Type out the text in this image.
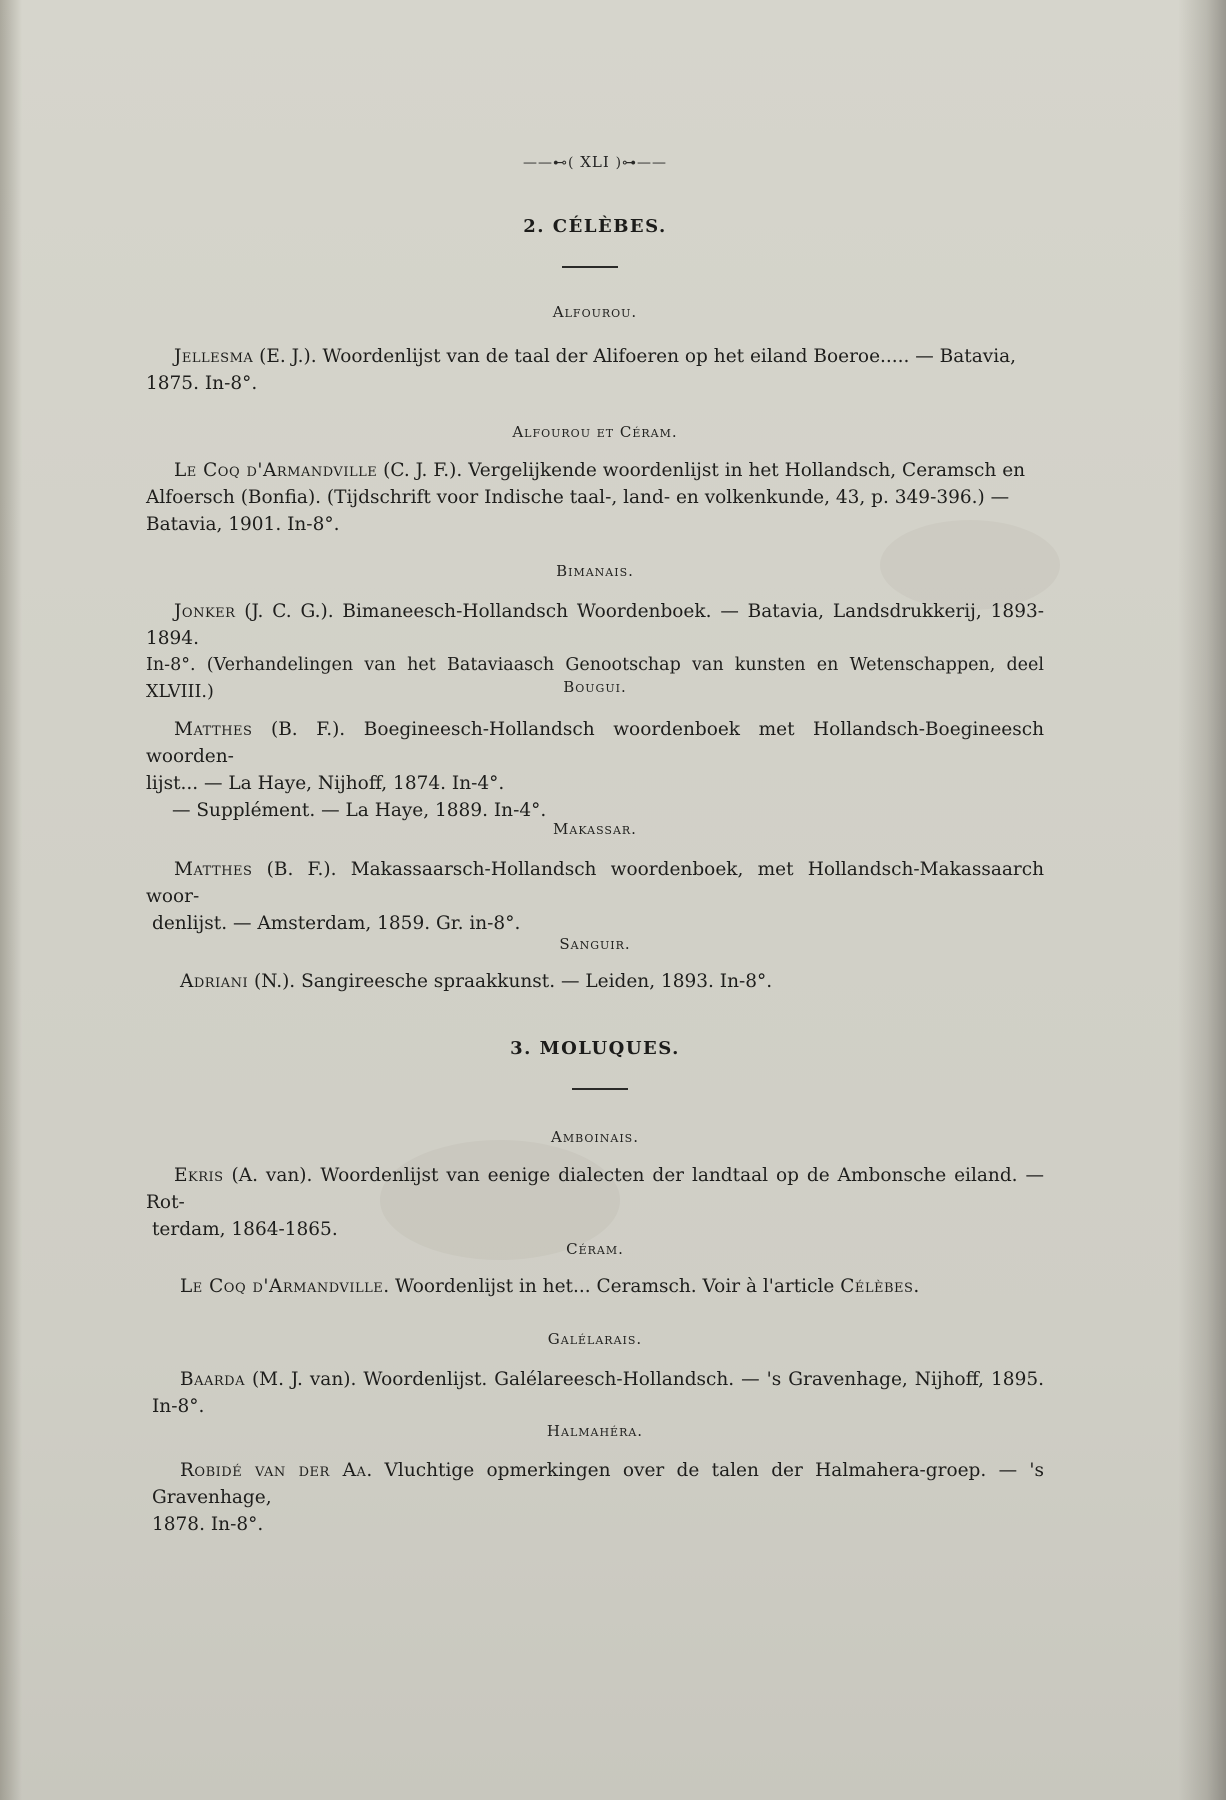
——⊷( XLI )⊶——
2. CÉLÈBES.
Alfourou.

Jellesma (E. J.). Woordenlijst van de taal der Alifoeren op het eiland Boeroe..... — Batavia,

1875. In-8°.

Alfourou et Céram.

Le Coq d'Armandville (C. J. F.). Vergelijkende woordenlijst in het Hollandsch, Ceramsch en

Alfoersch (Bonfia). (Tijdschrift voor Indische taal-, land- en volkenkunde, 43, p. 349-396.) —

Batavia, 1901. In-8°.

Bimanais.

Jonker (J. C. G.). Bimaneesch-Hollandsch Woordenboek. — Batavia, Landsdrukkerij, 1893-1894.

In-8°. (Verhandelingen van het Bataviaasch Genootschap van kunsten en Wetenschappen, deel XLVIII.)	Bougui.

Matthes (B. F.). Boegineesch-Hollandsch woordenboek met Hollandsch-Boegineesch woorden-

lijst... — La Haye, Nijhoff, 1874. In-4°.

— Supplément. — La Haye, 1889. In-4°.

Makassar.

Matthes (B. F.). Makassaarsch-Hollandsch woordenboek, met Hollandsch-Makassaarch woor-

denlijst. — Amsterdam, 1859. Gr. in-8°.

Sanguir.

Adriani (N.). Sangireesche spraakkunst. — Leiden, 1893. In-8°.

3. MOLUQUES.
Amboinais.

Ekris (A. van). Woordenlijst van eenige dialecten der landtaal op de Ambonsche eiland. — Rot-

terdam, 1864-1865.

Céram.

Le Coq d'Armandville. Woordenlijst in het... Ceramsch. Voir à l'article Célèbes.

Galélarais.

Baarda (M. J. van). Woordenlijst. Galélareesch-Hollandsch. — 's Gravenhage, Nijhoff, 1895. In-8°.

Halmahéra.

Robidé van der Aa. Vluchtige opmerkingen over de talen der Halmahera-groep. — 's Gravenhage,

1878. In-8°.
